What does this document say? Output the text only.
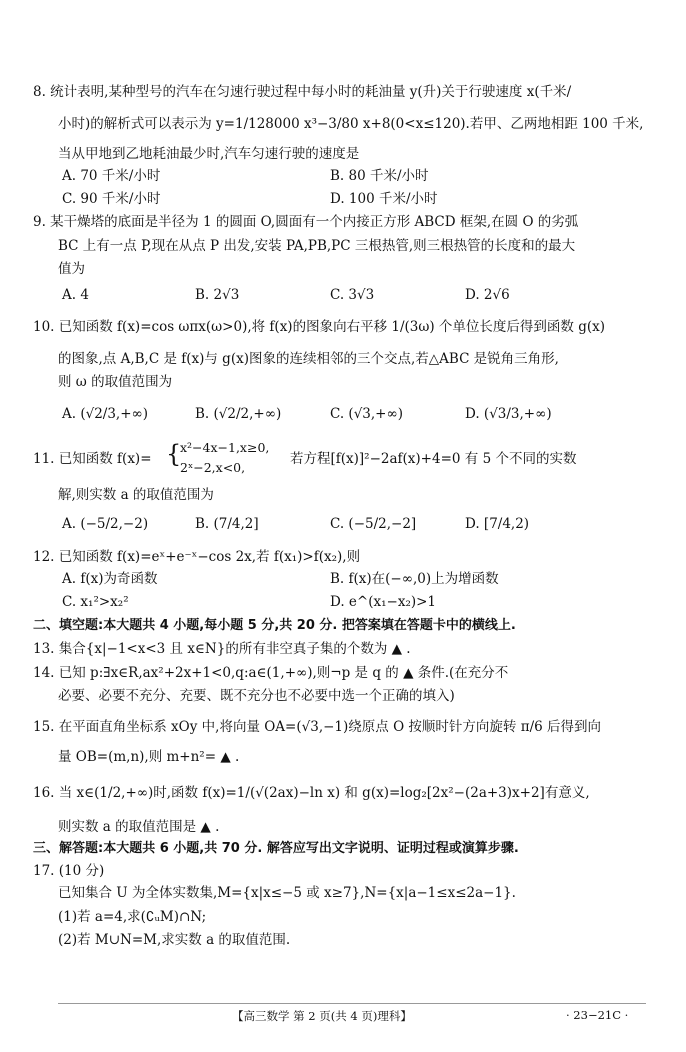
8. 统计表明,某种型号的汽车在匀速行驶过程中每小时的耗油量 y(升)关于行驶速度 x(千米/
小时)的解析式可以表示为 y=1/128000 x³−3/80 x+8(0<x≤120).若甲、乙两地相距 100 千米,
当从甲地到乙地耗油最少时,汽车匀速行驶的速度是
A. 70 千米/小时	B. 80 千米/小时
C. 90 千米/小时	D. 100 千米/小时
9. 某干燥塔的底面是半径为 1 的圆面 O,圆面有一个内接正方形 ABCD 框架,在圆 O 的劣弧
BC 上有一点 P,现在从点 P 出发,安装 PA,PB,PC 三根热管,则三根热管的长度和的最大
值为
A. 4	B. 2√3	C. 3√3	D. 2√6
10. 已知函数 f(x)=cos ωπx(ω>0),将 f(x)的图象向右平移 1/(3ω) 个单位长度后得到函数 g(x)
的图象,点 A,B,C 是 f(x)与 g(x)图象的连续相邻的三个交点,若△ABC 是锐角三角形,
则 ω 的取值范围为
A. (√2/3,+∞)	B. (√2/2,+∞)	C. (√3,+∞)	D. (√3/3,+∞)
11. 已知函数 f(x)= {
x²−4x−1,x≥0,
2ˣ−2,x<0,
若方程[f(x)]²−2af(x)+4=0 有 5 个不同的实数
解,则实数 a 的取值范围为
A. (−5/2,−2)	B. (7/4,2]	C. (−5/2,−2]	D. [7/4,2)
12. 已知函数 f(x)=eˣ+e⁻ˣ−cos 2x,若 f(x₁)>f(x₂),则
A. f(x)为奇函数	B. f(x)在(−∞,0)上为增函数
C. x₁²>x₂²	D. e^(x₁−x₂)>1
二、填空题:本大题共 4 小题,每小题 5 分,共 20 分. 把答案填在答题卡中的横线上.
13. 集合{x|−1<x<3 且 x∈N}的所有非空真子集的个数为 ▲ .
14. 已知 p:∃x∈R,ax²+2x+1<0,q:a∈(1,+∞),则¬p 是 q 的 ▲ 条件.(在充分不
必要、必要不充分、充要、既不充分也不必要中选一个正确的填入)
15. 在平面直角坐标系 xOy 中,将向量 OA=(√3,−1)绕原点 O 按顺时针方向旋转 π/6 后得到向
量 OB=(m,n),则 m+n²= ▲ .
16. 当 x∈(1/2,+∞)时,函数 f(x)=1/(√(2ax)−ln x) 和 g(x)=log₂[2x²−(2a+3)x+2]有意义,
则实数 a 的取值范围是 ▲ .
三、解答题:本大题共 6 小题,共 70 分. 解答应写出文字说明、证明过程或演算步骤.
17. (10 分)
已知集合 U 为全体实数集,M={x|x≤−5 或 x≥7},N={x|a−1≤x≤2a−1}.
(1)若 a=4,求(∁ᵤM)∩N;
(2)若 M∪N=M,求实数 a 的取值范围.
【高三数学 第 2 页(共 4 页)理科】	· 23−21C ·
